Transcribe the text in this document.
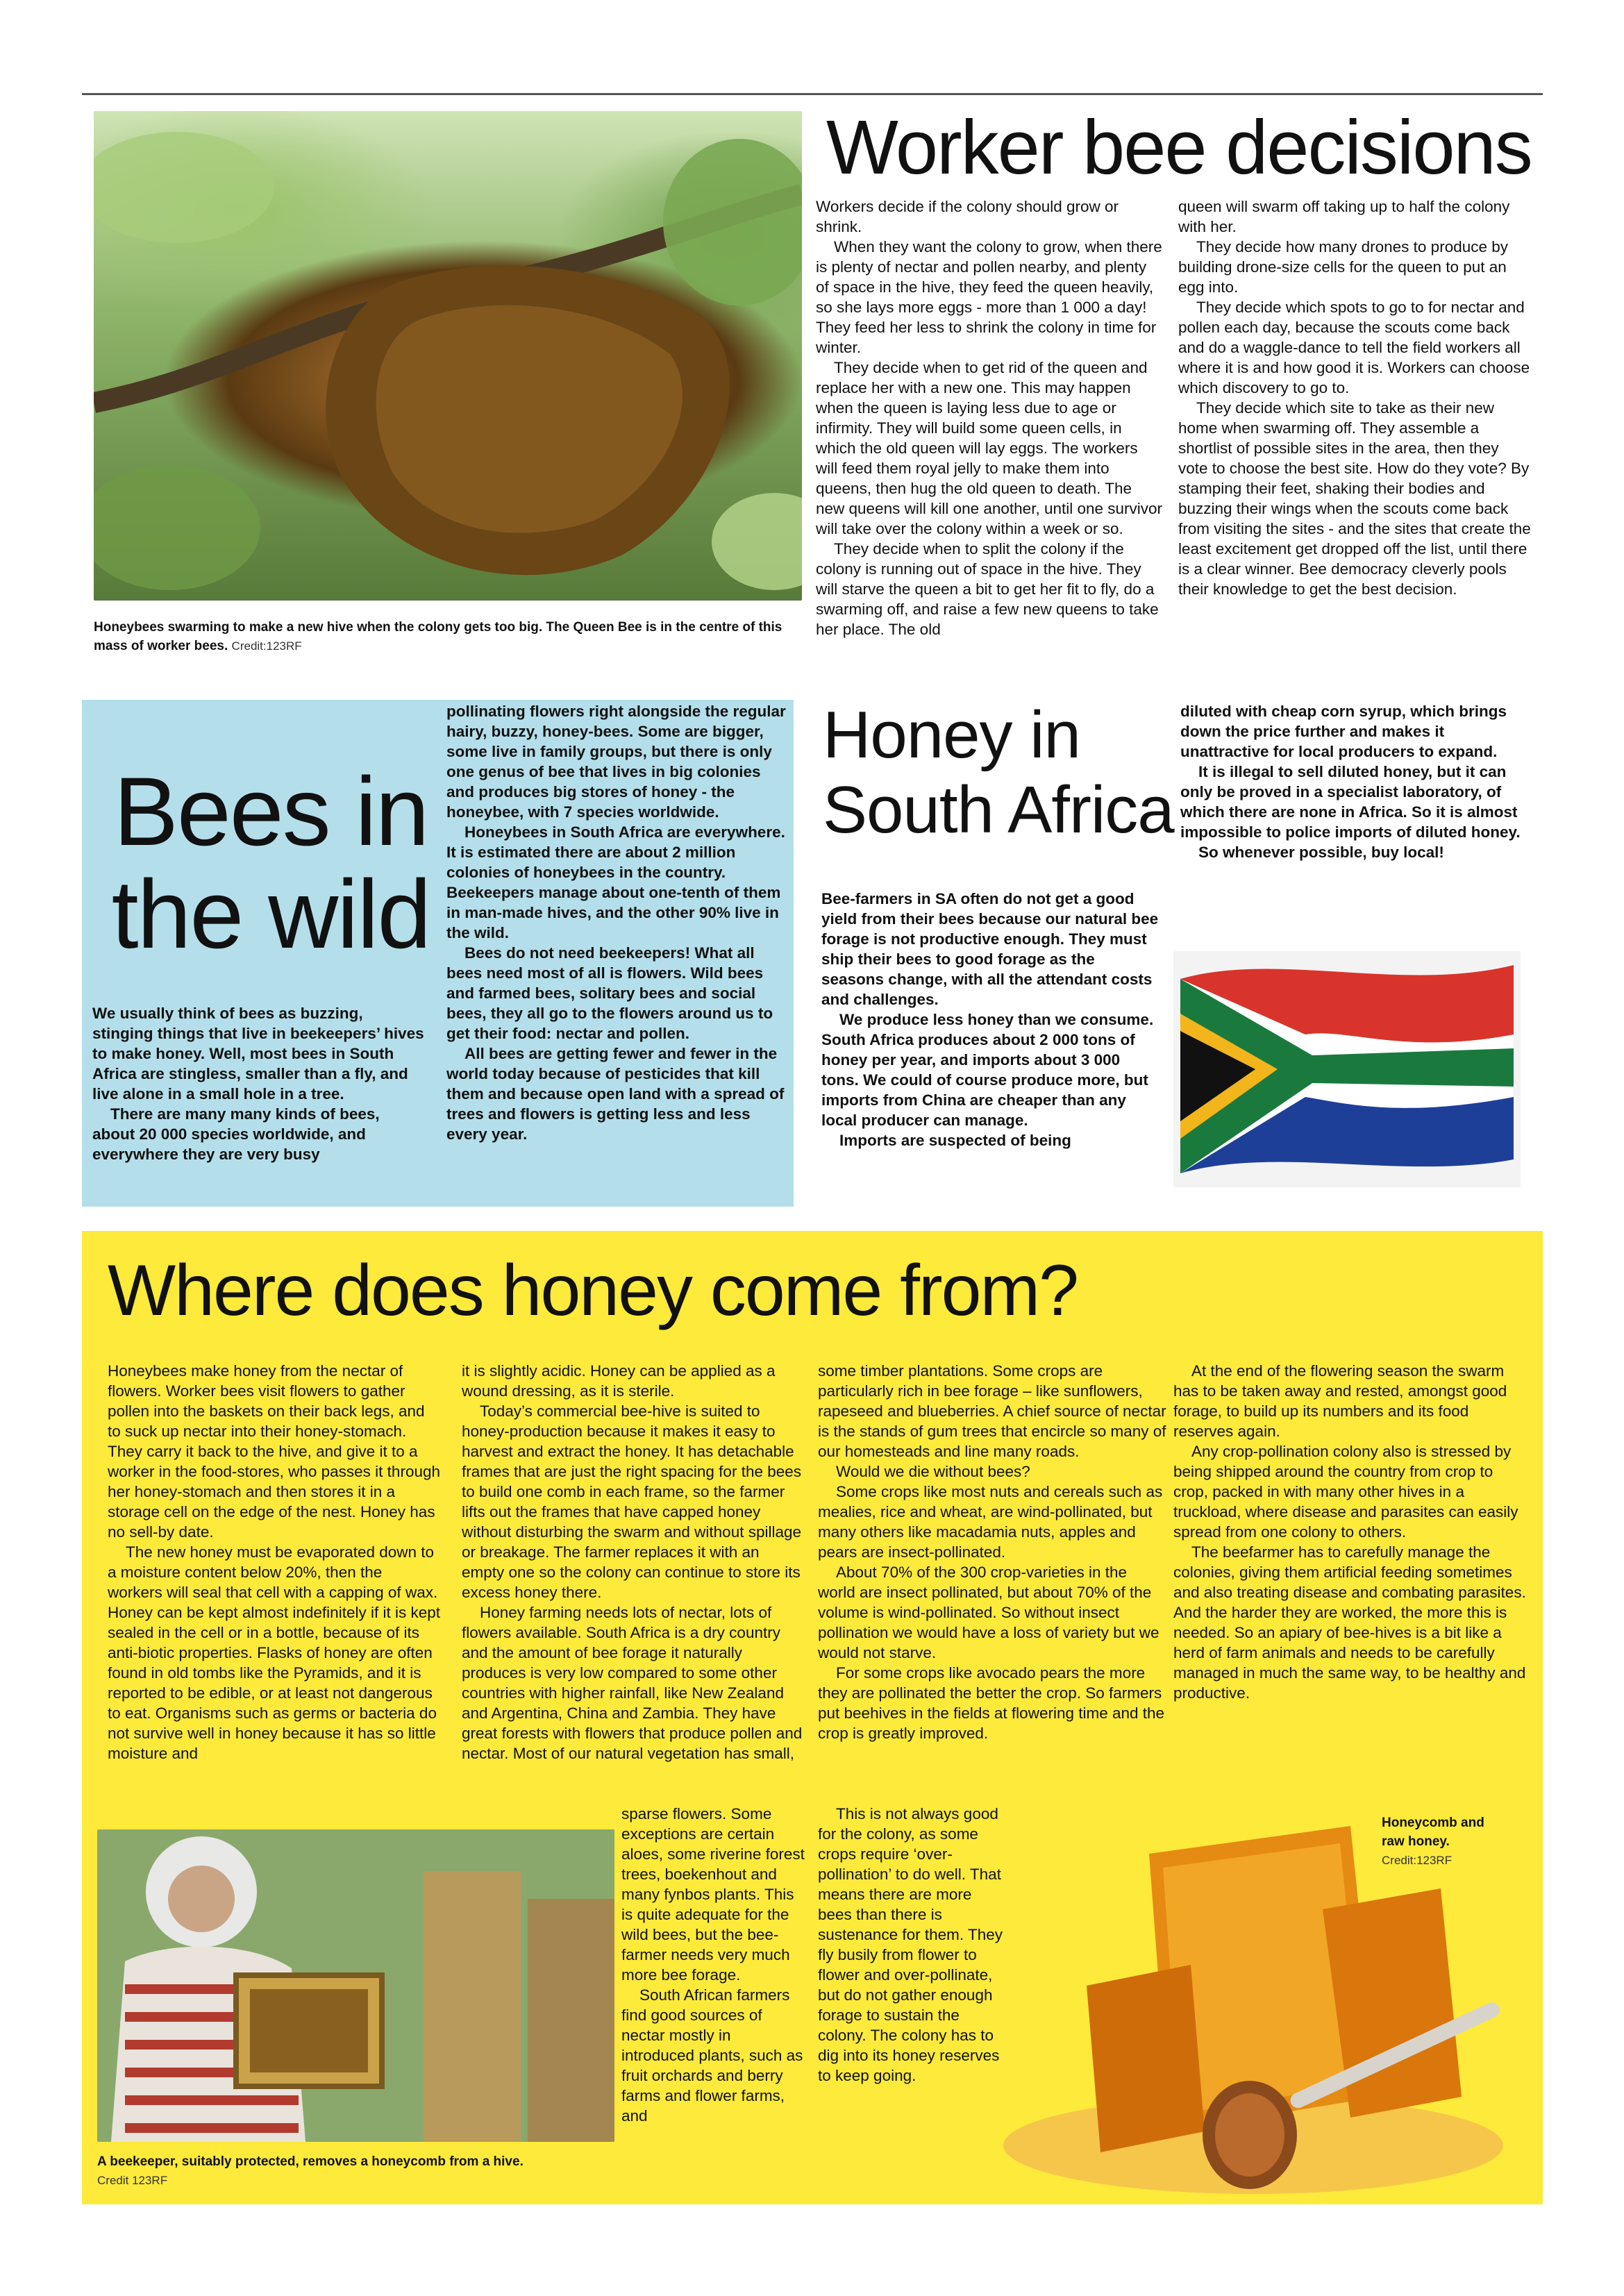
Honeybees swarming to make a new hive when the colony gets too big. The Queen Bee is in the centre of this mass of worker bees. Credit:123RF
Worker bee decisions

Workers decide if the colony should grow or shrink.

When they want the colony to grow, when there is plenty of nectar and pollen nearby, and plenty of space in the hive, they feed the queen heavily, so she lays more eggs - more than 1 000 a day! They feed her less to shrink the colony in time for winter.

They decide when to get rid of the queen and replace her with a new one. This may happen when the queen is laying less due to age or infirmity. They will build some queen cells, in which the old queen will lay eggs. The workers will feed them royal jelly to make them into queens, then hug the old queen to death. The new queens will kill one another, until one survivor will take over the colony within a week or so.

They decide when to split the colony if the colony is running out of space in the hive. They will starve the queen a bit to get her fit to fly, do a swarming off, and raise a few new queens to take her place. The old

queen will swarm off taking up to half the colony with her.

They decide how many drones to produce by building drone-size cells for the queen to put an egg into.

They decide which spots to go to for nectar and pollen each day, because the scouts come back and do a waggle-dance to tell the field workers all where it is and how good it is. Workers can choose which discovery to go to.

They decide which site to take as their new home when swarming off. They assemble a shortlist of possible sites in the area, then they vote to choose the best site. How do they vote? By stamping their feet, shaking their bodies and buzzing their wings when the scouts come back from visiting the sites - and the sites that create the least excitement get dropped off the list, until there is a clear winner. Bee democracy cleverly pools their knowledge to get the best decision.

Bees in
the wild

We usually think of bees as buzzing, stinging things that live in beekeepers’ hives to make honey. Well, most bees in South Africa are stingless, smaller than a fly, and live alone in a small hole in a tree.

There are many many kinds of bees, about 20 000 species worldwide, and everywhere they are very busy

pollinating flowers right alongside the regular hairy, buzzy, honey-bees. Some are bigger, some live in family groups, but there is only one genus of bee that lives in big colonies and produces big stores of honey - the honeybee, with 7 species worldwide.

Honeybees in South Africa are everywhere. It is estimated there are about 2 million colonies of honeybees in the country. Beekeepers manage about one-tenth of them in man-made hives, and the other 90% live in the wild.

Bees do not need beekeepers! What all bees need most of all is flowers. Wild bees and farmed bees, solitary bees and social bees, they all go to the flowers around us to get their food: nectar and pollen.

All bees are getting fewer and fewer in the world today because of pesticides that kill them and because open land with a spread of trees and flowers is getting less and less every year.

Honey in
South Africa

Bee-farmers in SA often do not get a good yield from their bees because our natural bee forage is not productive enough. They must ship their bees to good forage as the seasons change, with all the attendant costs and challenges.

We produce less honey than we consume. South Africa produces about 2 000 tons of honey per year, and imports about 3 000 tons. We could of course produce more, but imports from China are cheaper than any local producer can manage.

Imports are suspected of being

diluted with cheap corn syrup, which brings down the price further and makes it unattractive for local producers to expand.

It is illegal to sell diluted honey, but it can only be proved in a specialist laboratory, of which there are none in Africa. So it is almost impossible to police imports of diluted honey.

So whenever possible, buy local!

Where does honey come from?

Honeybees make honey from the nectar of flowers. Worker bees visit flowers to gather pollen into the baskets on their back legs, and to suck up nectar into their honey-stomach. They carry it back to the hive, and give it to a worker in the food-stores, who passes it through her honey-stomach and then stores it in a storage cell on the edge of the nest. Honey has no sell-by date.

The new honey must be evaporated down to a moisture content below 20%, then the workers will seal that cell with a capping of wax. Honey can be kept almost indefinitely if it is kept sealed in the cell or in a bottle, because of its anti-biotic properties. Flasks of honey are often found in old tombs like the Pyramids, and it is reported to be edible, or at least not dangerous to eat. Organisms such as germs or bacteria do not survive well in honey because it has so little moisture and

it is slightly acidic. Honey can be applied as a wound dressing, as it is sterile.

Today’s commercial bee-hive is suited to honey-production because it makes it easy to harvest and extract the honey. It has detachable frames that are just the right spacing for the bees to build one comb in each frame, so the farmer lifts out the frames that have capped honey without disturbing the swarm and without spillage or breakage. The farmer replaces it with an empty one so the colony can continue to store its excess honey there.

Honey farming needs lots of nectar, lots of flowers available. South Africa is a dry country and the amount of bee forage it naturally produces is very low compared to some other countries with higher rainfall, like New Zealand and Argentina, China and Zambia. They have great forests with flowers that produce pollen and nectar. Most of our natural vegetation has small,

sparse flowers. Some exceptions are certain aloes, some riverine forest trees, boekenhout and many fynbos plants. This is quite adequate for the wild bees, but the bee-farmer needs very much more bee forage.

South African farmers find good sources of nectar mostly in introduced plants, such as fruit orchards and berry farms and flower farms, and

some timber plantations. Some crops are particularly rich in bee forage – like sunflowers, rapeseed and blueberries. A chief source of nectar is the stands of gum trees that encircle so many of our homesteads and line many roads.

Would we die without bees?

Some crops like most nuts and cereals such as mealies, rice and wheat, are wind-pollinated, but many others like macadamia nuts, apples and pears are insect-pollinated.

About 70% of the 300 crop-varieties in the world are insect pollinated, but about 70% of the volume is wind-pollinated. So without insect pollination we would have a loss of variety but we would not starve.

For some crops like avocado pears the more they are pollinated the better the crop. So farmers put beehives in the fields at flowering time and the crop is greatly improved.

This is not always good for the colony, as some crops require ‘over-pollination’ to do well. That means there are more bees than there is sustenance for them. They fly busily from flower to flower and over-pollinate, but do not gather enough forage to sustain the colony. The colony has to dig into its honey reserves to keep going.

At the end of the flowering season the swarm has to be taken away and rested, amongst good forage, to build up its numbers and its food reserves again.

Any crop-pollination colony also is stressed by being shipped around the country from crop to crop, packed in with many other hives in a truckload, where disease and parasites can easily spread from one colony to others.

The beefarmer has to carefully manage the colonies, giving them artificial feeding sometimes and also treating disease and combating parasites. And the harder they are worked, the more this is needed. So an apiary of bee-hives is a bit like a herd of farm animals and needs to be carefully managed in much the same way, to be healthy and productive.

A beekeeper, suitably protected, removes a honeycomb from a hive.
Credit 123RF
Honeycomb and
raw honey.
Credit:123RF
